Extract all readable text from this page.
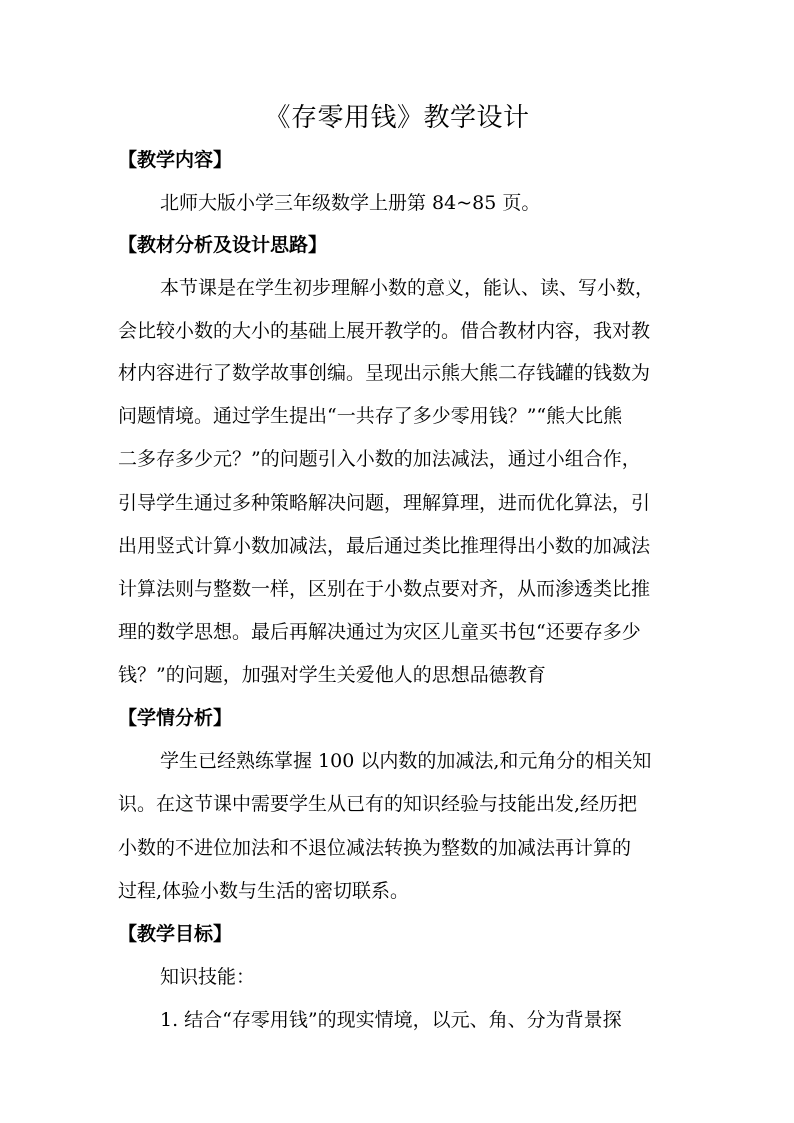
《存零用钱》教学设计
【教学内容】
北师大版小学三年级数学上册第 84~85 页。
【教材分析及设计思路】
本节课是在学生初步理解小数的意义，能认、读、写小数，
会比较小数的大小的基础上展开教学的。借合教材内容，我对教
材内容进行了数学故事创编。呈现出示熊大熊二存钱罐的钱数为
问题情境。通过学生提出“一共存了多少零用钱？”“熊大比熊
二多存多少元？”的问题引入小数的加法减法，通过小组合作，
引导学生通过多种策略解决问题，理解算理，进而优化算法，引
出用竖式计算小数加减法，最后通过类比推理得出小数的加减法
计算法则与整数一样，区别在于小数点要对齐，从而渗透类比推
理的数学思想。最后再解决通过为灾区儿童买书包“还要存多少
钱？”的问题，加强对学生关爱他人的思想品德教育
【学情分析】
学生已经熟练掌握 100 以内数的加减法,和元角分的相关知
识。在这节课中需要学生从已有的知识经验与技能出发,经历把
小数的不进位加法和不退位减法转换为整数的加减法再计算的
过程,体验小数与生活的密切联系。
【教学目标】
知识技能：
1. 结合“存零用钱”的现实情境，以元、角、分为背景探
